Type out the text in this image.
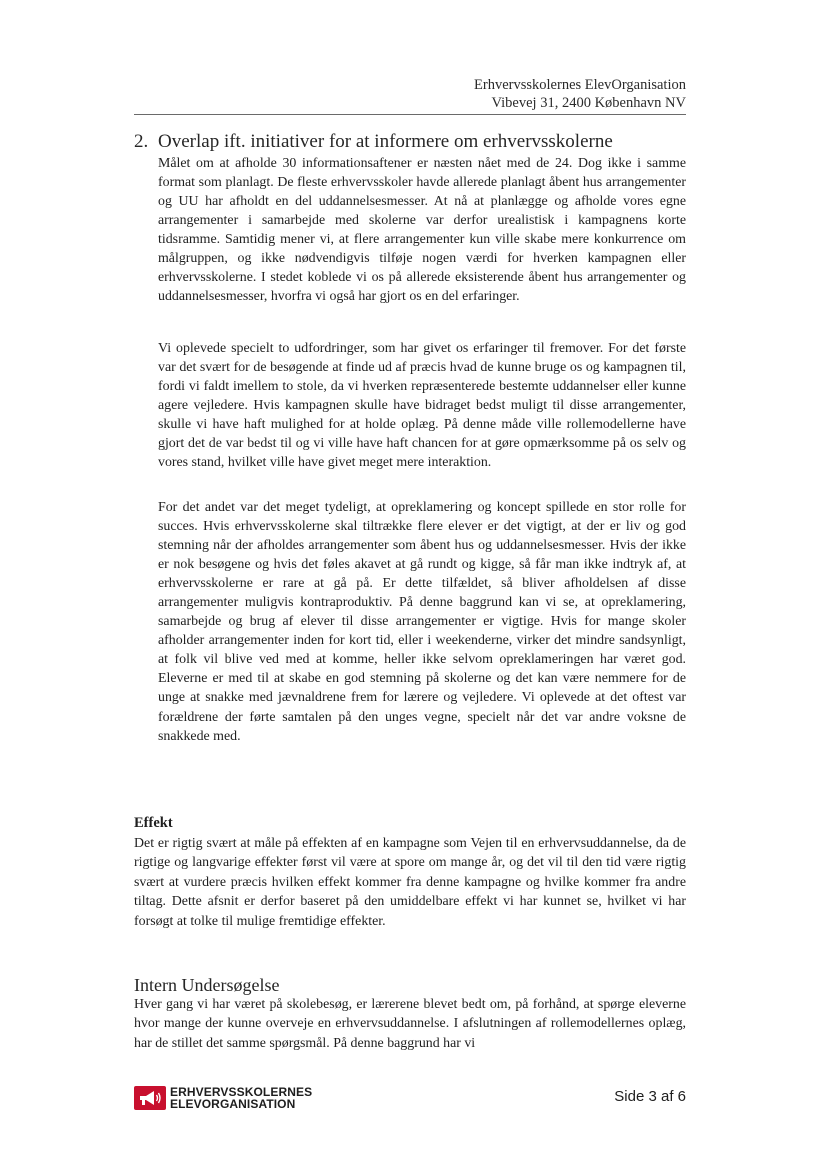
Erhvervsskolernes ElevOrganisation
Vibevej 31, 2400 København NV
2. Overlap ift. initiativer for at informere om erhvervsskolerne

Målet om at afholde 30 informationsaftener er næsten nået med de 24. Dog ikke i samme format som planlagt. De fleste erhvervsskoler havde allerede planlagt åbent hus arrangementer og UU har afholdt en del uddannelsesmesser. At nå at planlægge og afholde vores egne arrangementer i samarbejde med skolerne var derfor urealistisk i kampagnens korte tidsramme. Samtidig mener vi, at flere arrangementer kun ville skabe mere konkurrence om målgruppen, og ikke nødvendigvis tilføje nogen værdi for hverken kampagnen eller erhvervsskolerne. I stedet koblede vi os på allerede eksisterende åbent hus arrangementer og uddannelsesmesser, hvorfra vi også har gjort os en del erfaringer.

Vi oplevede specielt to udfordringer, som har givet os erfaringer til fremover. For det første var det svært for de besøgende at finde ud af præcis hvad de kunne bruge os og kampagnen til, fordi vi faldt imellem to stole, da vi hverken repræsenterede bestemte uddannelser eller kunne agere vejledere. Hvis kampagnen skulle have bidraget bedst muligt til disse arrangementer, skulle vi have haft mulighed for at holde oplæg. På denne måde ville rollemodellerne have gjort det de var bedst til og vi ville have haft chancen for at gøre opmærksomme på os selv og vores stand, hvilket ville have givet meget mere interaktion.

For det andet var det meget tydeligt, at opreklamering og koncept spillede en stor rolle for succes. Hvis erhvervsskolerne skal tiltrække flere elever er det vigtigt, at der er liv og god stemning når der afholdes arrangementer som åbent hus og uddannelsesmesser. Hvis der ikke er nok besøgene og hvis det føles akavet at gå rundt og kigge, så får man ikke indtryk af, at erhvervsskolerne er rare at gå på. Er dette tilfældet, så bliver afholdelsen af disse arrangementer muligvis kontraproduktiv. På denne baggrund kan vi se, at opreklamering, samarbejde og brug af elever til disse arrangementer er vigtige. Hvis for mange skoler afholder arrangementer inden for kort tid, eller i weekenderne, virker det mindre sandsynligt, at folk vil blive ved med at komme, heller ikke selvom opreklameringen har været god. Eleverne er med til at skabe en god stemning på skolerne og det kan være nemmere for de unge at snakke med jævnaldrene frem for lærere og vejledere. Vi oplevede at det oftest var forældrene der førte samtalen på den unges vegne, specielt når det var andre voksne de snakkede med.

Effekt

Det er rigtig svært at måle på effekten af en kampagne som Vejen til en erhvervsuddannelse, da de rigtige og langvarige effekter først vil være at spore om mange år, og det vil til den tid være rigtig svært at vurdere præcis hvilken effekt kommer fra denne kampagne og hvilke kommer fra andre tiltag. Dette afsnit er derfor baseret på den umiddelbare effekt vi har kunnet se, hvilket vi har forsøgt at tolke til mulige fremtidige effekter.

Intern Undersøgelse

Hver gang vi har været på skolebesøg, er lærerene blevet bedt om, på forhånd, at spørge eleverne hvor mange der kunne overveje en erhvervsuddannelse. I afslutningen af rollemodellernes oplæg, har de stillet det samme spørgsmål. På denne baggrund har vi

ERHVERVSSKOLERNES
ELEVORGANISATION	Side 3 af 6
